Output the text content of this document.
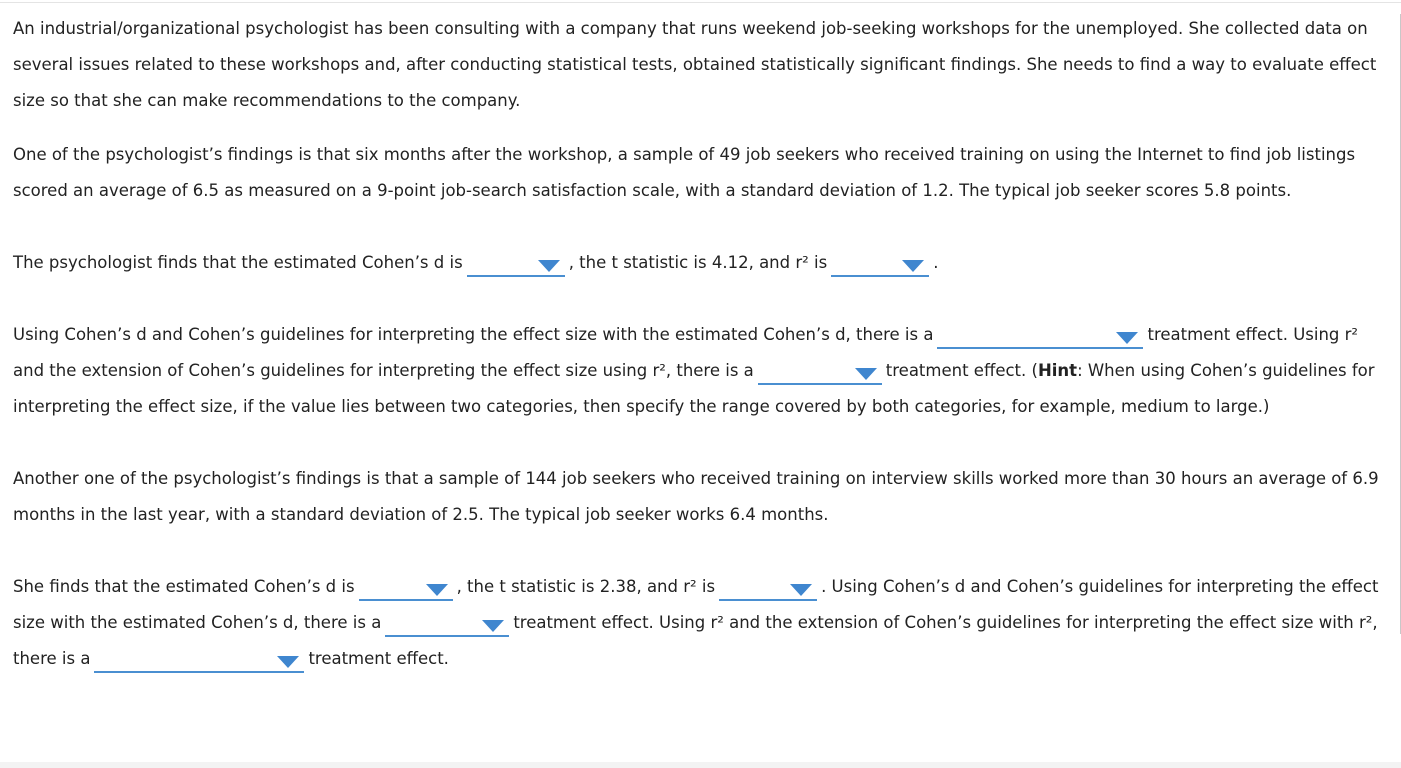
An industrial/organizational psychologist has been consulting with a company that runs weekend job-seeking workshops for the unemployed. She collected data on several issues related to these workshops and, after conducting statistical tests, obtained statistically significant findings. She needs to find a way to evaluate effect size so that she can make recommendations to the company.

One of the psychologist’s findings is that six months after the workshop, a sample of 49 job seekers who received training on using the Internet to find job listings scored an average of 6.5 as measured on a 9-point job-search satisfaction scale, with a standard deviation of 1.2. The typical job seeker scores 5.8 points.

The psychologist finds that the estimated Cohen’s d is	, the t statistic is 4.12, and r² is	.

Using Cohen’s d and Cohen’s guidelines for interpreting the effect size with the estimated Cohen’s d, there is a	treatment effect. Using r² and the extension of Cohen’s guidelines for interpreting the effect size using r², there is a	treatment effect. (Hint: When using Cohen’s guidelines for interpreting the effect size, if the value lies between two categories, then specify the range covered by both categories, for example, medium to large.)

Another one of the psychologist’s findings is that a sample of 144 job seekers who received training on interview skills worked more than 30 hours an average of 6.9 months in the last year, with a standard deviation of 2.5. The typical job seeker works 6.4 months.

She finds that the estimated Cohen’s d is	, the t statistic is 2.38, and r² is	. Using Cohen’s d and Cohen’s guidelines for interpreting the effect size with the estimated Cohen’s d, there is a	treatment effect. Using r² and the extension of Cohen’s guidelines for interpreting the effect size with r², there is a	treatment effect.
